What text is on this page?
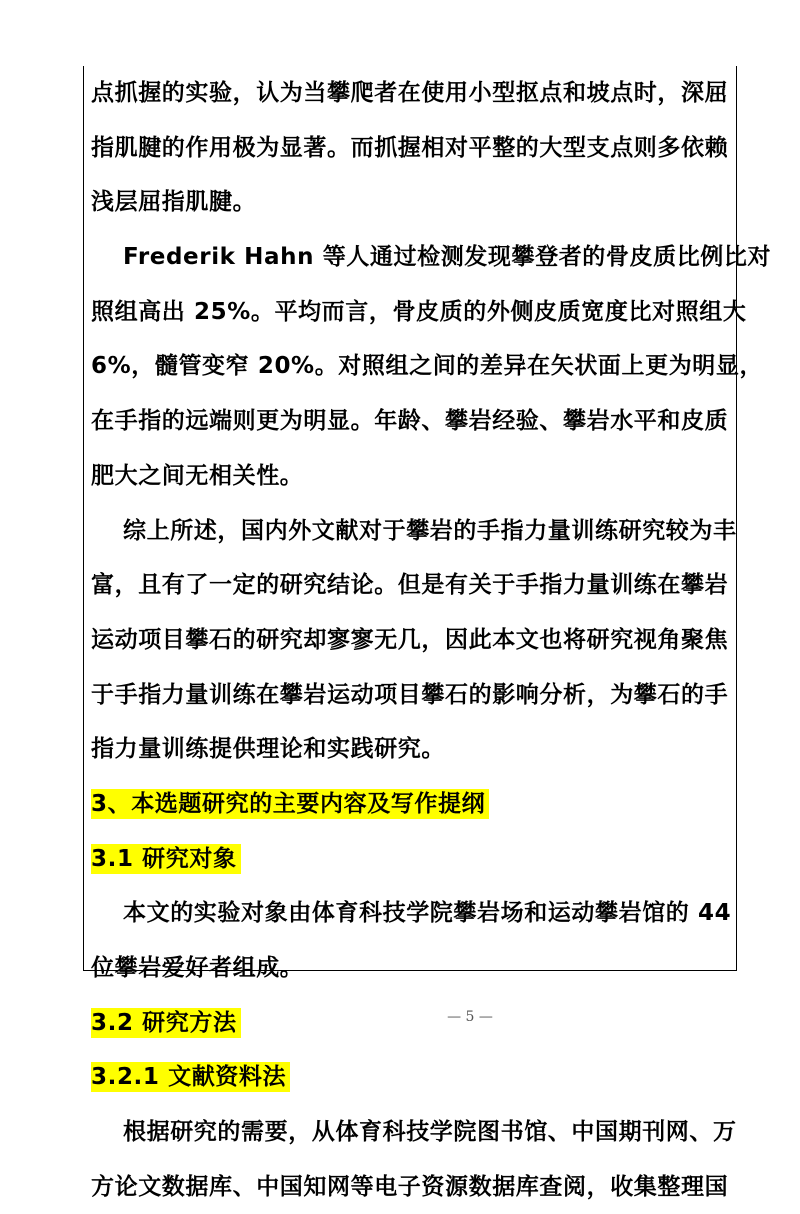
点抓握的实验，认为当攀爬者在使用小型抠点和坡点时，深屈
指肌腱的作用极为显著。而抓握相对平整的大型支点则多依赖
浅层屈指肌腱。
Frederik Hahn 等人通过检测发现攀登者的骨皮质比例比对
照组高出 25%。平均而言，骨皮质的外侧皮质宽度比对照组大
6%，髓管变窄 20%。对照组之间的差异在矢状面上更为明显，
在手指的远端则更为明显。年龄、攀岩经验、攀岩水平和皮质
肥大之间无相关性。
综上所述，国内外文献对于攀岩的手指力量训练研究较为丰
富，且有了一定的研究结论。但是有关于手指力量训练在攀岩
运动项目攀石的研究却寥寥无几，因此本文也将研究视角聚焦
于手指力量训练在攀岩运动项目攀石的影响分析，为攀石的手
指力量训练提供理论和实践研究。
3、本选题研究的主要内容及写作提纲
3.1 研究对象
本文的实验对象由体育科技学院攀岩场和运动攀岩馆的 44
位攀岩爱好者组成。
3.2 研究方法
3.2.1 文献资料法
根据研究的需要，从体育科技学院图书馆、中国期刊网、万
方论文数据库、中国知网等电子资源数据库查阅，收集整理国
— 5 —
